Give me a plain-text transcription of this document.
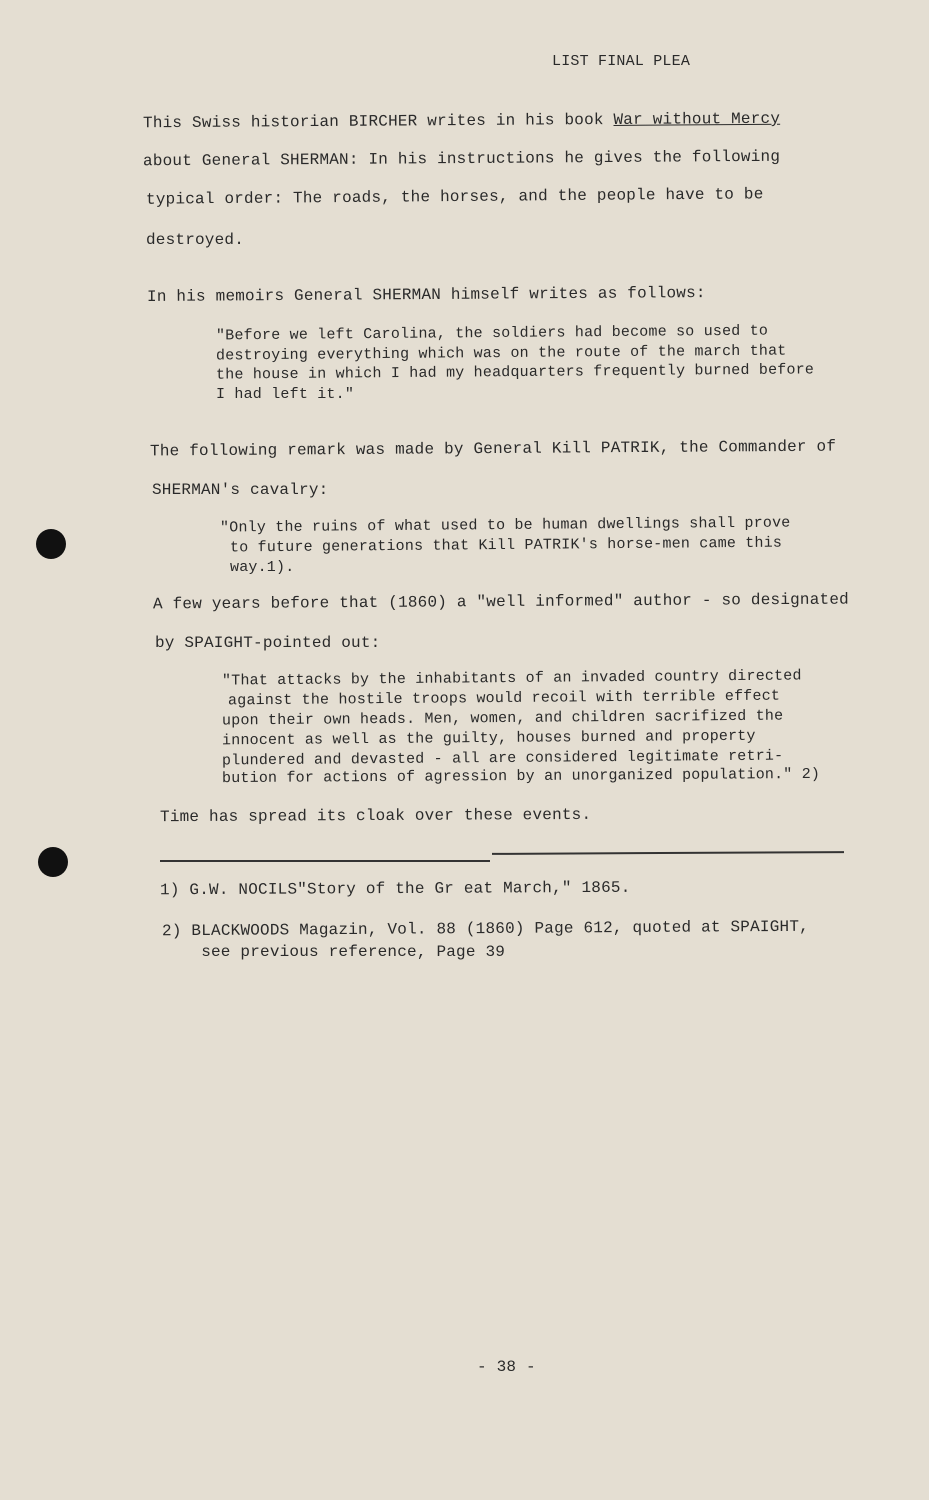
LIST FINAL PLEA
This Swiss historian BIRCHER writes in his book War without Mercy
about General SHERMAN: In his instructions he gives the following
typical order: The roads, the horses, and the people have to be
destroyed.
In his memoirs General SHERMAN himself writes as follows:
"Before we left Carolina, the soldiers had become so used to
destroying everything which was on the route of the march that
the house in which I had my headquarters frequently burned before
I had left it."
The following remark was made by General Kill PATRIK, the Commander of
SHERMAN's cavalry:
"Only the ruins of what used to be human dwellings shall prove
to future generations that Kill PATRIK's horse-men came this
way.1).
A few years before that (1860) a "well informed" author - so designated
by SPAIGHT-pointed out:
"That attacks by the inhabitants of an invaded country directed
against the hostile troops would recoil with terrible effect
upon their own heads. Men, women, and children sacrifized the
innocent as well as the guilty, houses burned and property
plundered and devasted - all are considered legitimate retri-
bution for actions of agression by an unorganized population." 2)
Time has spread its cloak over these events.
1) G.W. NOCILS"Story of the Gr eat March," 1865.
2) BLACKWOODS Magazin, Vol. 88 (1860) Page 612, quoted at SPAIGHT,
see previous reference, Page 39
- 38 -
